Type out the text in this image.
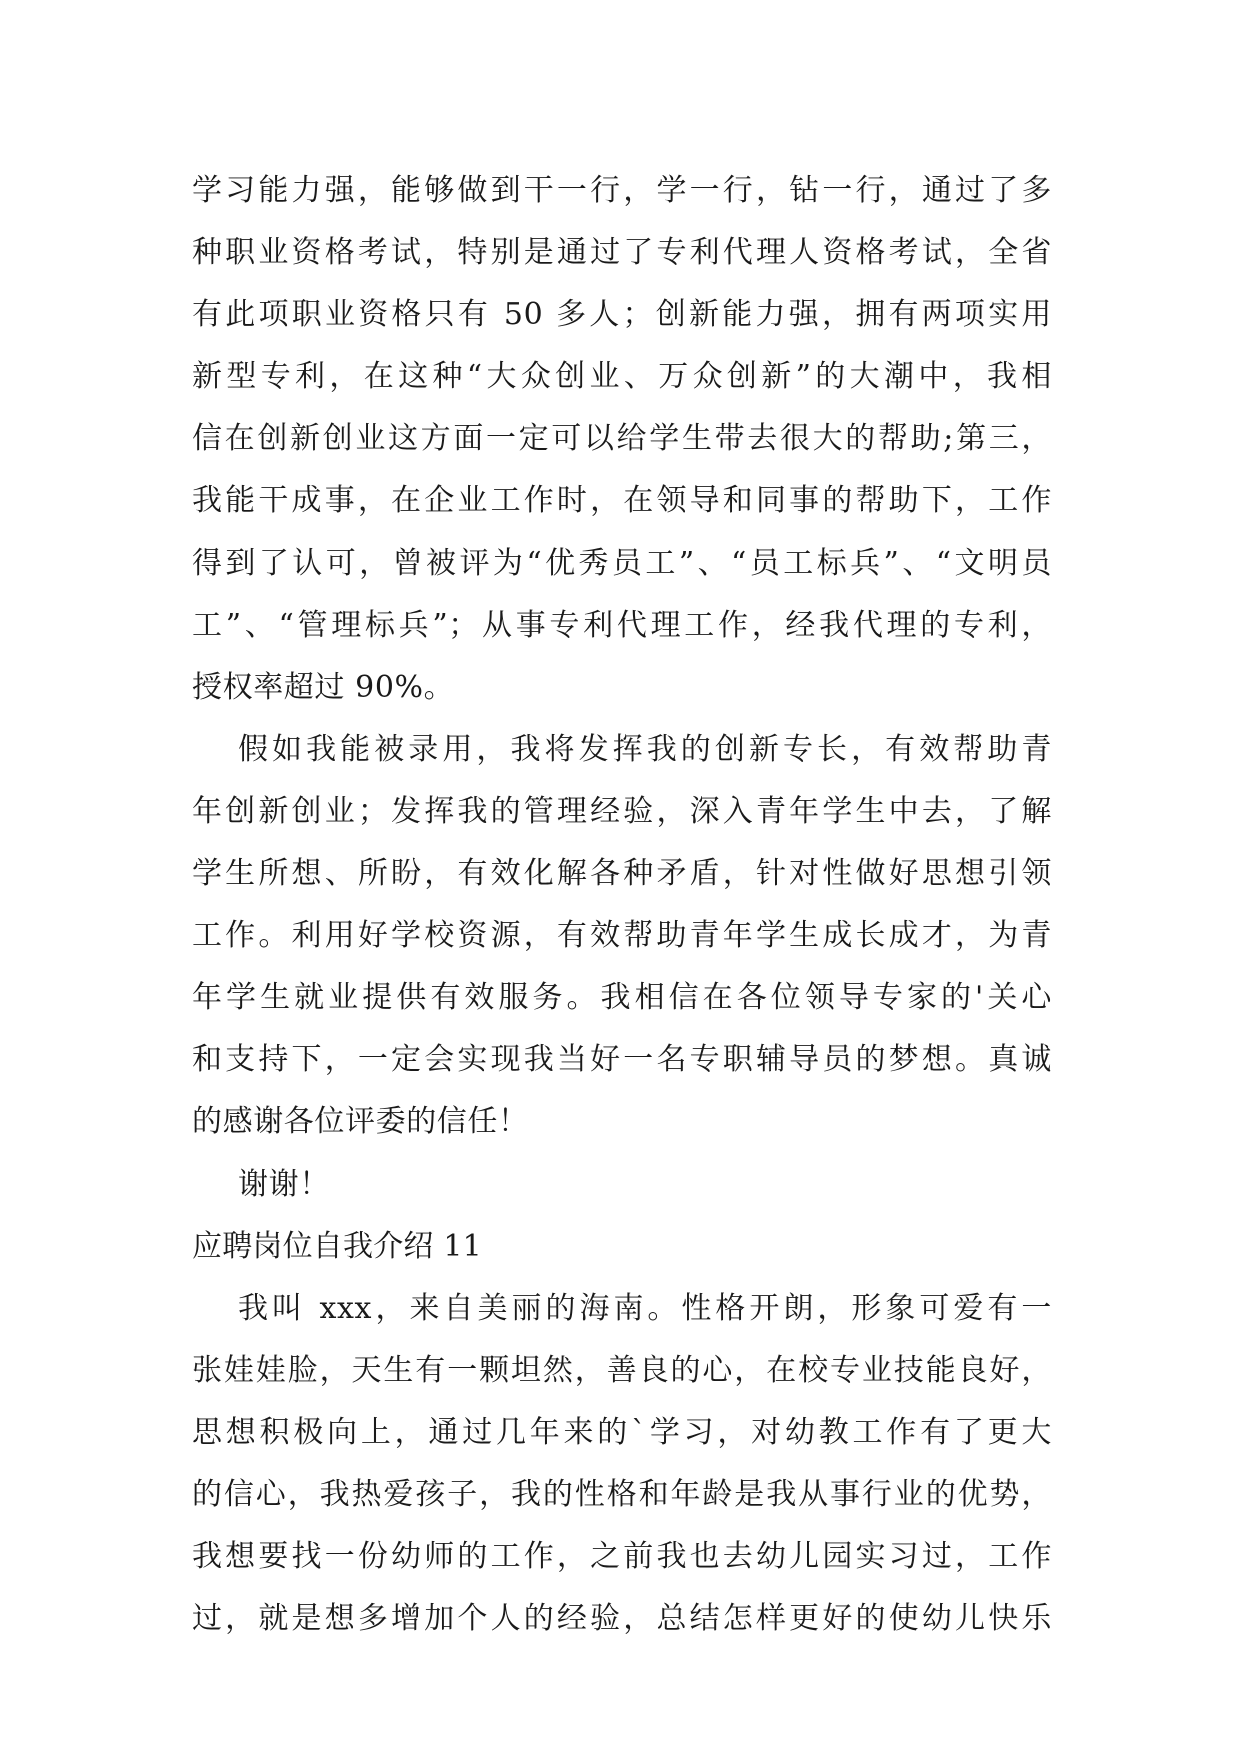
学习能力强，能够做到干一行，学一行，钻一行，通过了多
种职业资格考试，特别是通过了专利代理人资格考试，全省
有此项职业资格只有 50 多人；创新能力强，拥有两项实用
新型专利，在这种“大众创业、万众创新”的大潮中，我相
信在创新创业这方面一定可以给学生带去很大的帮助;第三，
我能干成事，在企业工作时，在领导和同事的帮助下，工作
得到了认可，曾被评为“优秀员工”、“员工标兵”、“文明员
工”、“管理标兵”；从事专利代理工作，经我代理的专利，
授权率超过 90%。
假如我能被录用，我将发挥我的创新专长，有效帮助青
年创新创业；发挥我的管理经验，深入青年学生中去，了解
学生所想、所盼，有效化解各种矛盾，针对性做好思想引领
工作。利用好学校资源，有效帮助青年学生成长成才，为青
年学生就业提供有效服务。我相信在各位领导专家的'关心
和支持下，一定会实现我当好一名专职辅导员的梦想。真诚
的感谢各位评委的信任！
谢谢！
应聘岗位自我介绍 11
我叫 xxx，来自美丽的海南。性格开朗，形象可爱有一
张娃娃脸，天生有一颗坦然，善良的心，在校专业技能良好，
思想积极向上，通过几年来的`学习，对幼教工作有了更大
的信心，我热爱孩子，我的性格和年龄是我从事行业的优势，
我想要找一份幼师的工作，之前我也去幼儿园实习过，工作
过，就是想多增加个人的经验，总结怎样更好的使幼儿快乐
